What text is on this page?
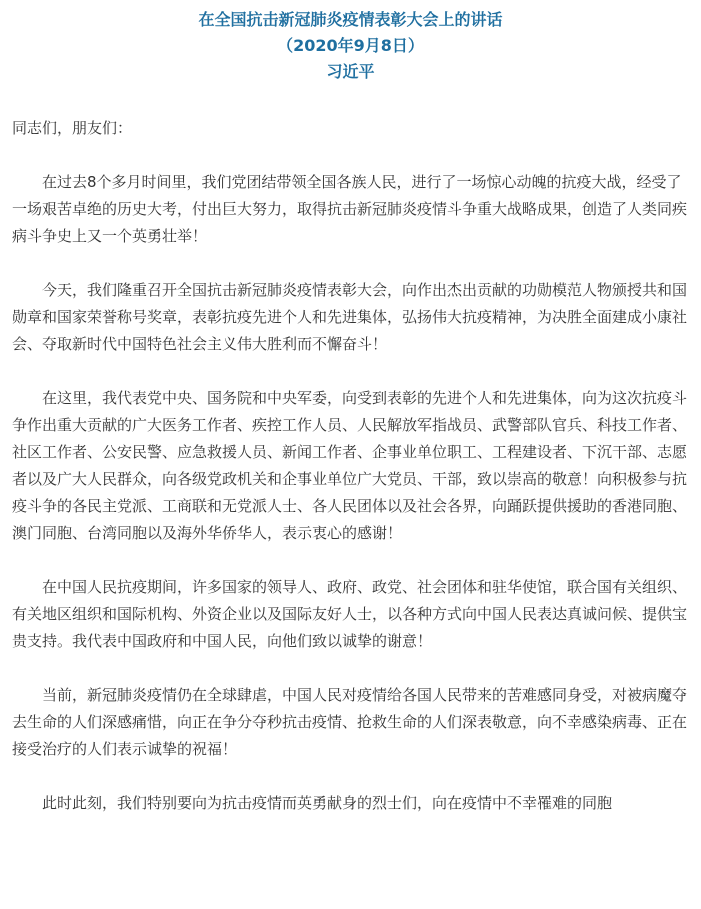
在全国抗击新冠肺炎疫情表彰大会上的讲话

（2020年9月8日）

习近平

同志们，朋友们：

在过去8个多月时间里，我们党团结带领全国各族人民，进行了一场惊心动魄的抗疫大战，经受了一场艰苦卓绝的历史大考，付出巨大努力，取得抗击新冠肺炎疫情斗争重大战略成果，创造了人类同疾病斗争史上又一个英勇壮举！

今天，我们隆重召开全国抗击新冠肺炎疫情表彰大会，向作出杰出贡献的功勋模范人物颁授共和国勋章和国家荣誉称号奖章，表彰抗疫先进个人和先进集体，弘扬伟大抗疫精神，为决胜全面建成小康社会、夺取新时代中国特色社会主义伟大胜利而不懈奋斗！

在这里，我代表党中央、国务院和中央军委，向受到表彰的先进个人和先进集体，向为这次抗疫斗争作出重大贡献的广大医务工作者、疾控工作人员、人民解放军指战员、武警部队官兵、科技工作者、社区工作者、公安民警、应急救援人员、新闻工作者、企事业单位职工、工程建设者、下沉干部、志愿者以及广大人民群众，向各级党政机关和企事业单位广大党员、干部，致以崇高的敬意！向积极参与抗疫斗争的各民主党派、工商联和无党派人士、各人民团体以及社会各界，向踊跃提供援助的香港同胞、澳门同胞、台湾同胞以及海外华侨华人，表示衷心的感谢！

在中国人民抗疫期间，许多国家的领导人、政府、政党、社会团体和驻华使馆，联合国有关组织、有关地区组织和国际机构、外资企业以及国际友好人士，以各种方式向中国人民表达真诚问候、提供宝贵支持。我代表中国政府和中国人民，向他们致以诚挚的谢意！

当前，新冠肺炎疫情仍在全球肆虐，中国人民对疫情给各国人民带来的苦难感同身受，对被病魔夺去生命的人们深感痛惜，向正在争分夺秒抗击疫情、抢救生命的人们深表敬意，向不幸感染病毒、正在接受治疗的人们表示诚挚的祝福！

此时此刻，我们特别要向为抗击疫情而英勇献身的烈士们，向在疫情中不幸罹难的同胞
